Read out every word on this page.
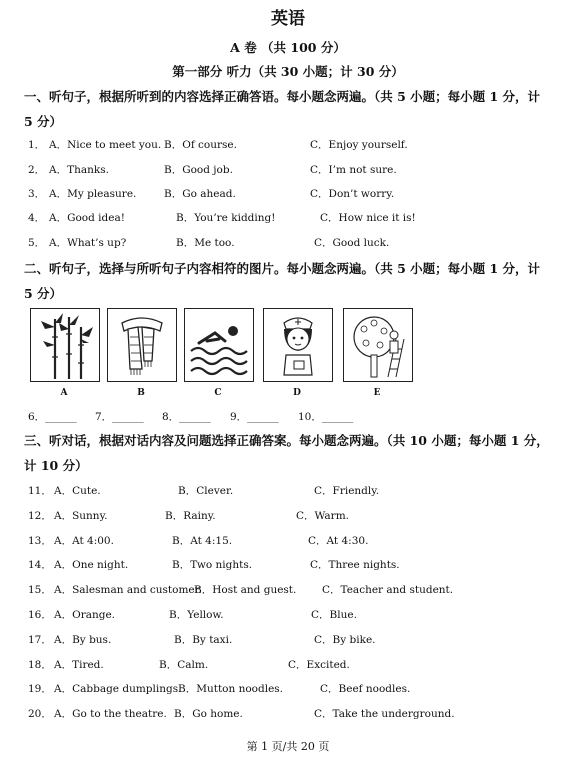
英语
A 卷 （共 100 分）
第一部分 听力（共 30 小题；计 30 分）
一、听句子，根据所听到的内容选择正确答语。每小题念两遍。（共 5 小题；每小题 1 分，计 5 分）
1． A．Nice to meet you. B．Of course.	C．Enjoy yourself.
2． A．Thanks.	B．Good job.	C．I’m not sure.
3． A．My pleasure.	B．Go ahead.	C．Don’t worry.
4． A．Good idea!	B．You’re kidding!	C．How nice it is!
5． A．What’s up?	B．Me too.	C．Good luck.
二、听句子，选择与所听句子内容相符的图片。每小题念两遍。（共 5 小题；每小题 1 分，计 5 分）
A	B	C	D	E
6．______ 7．______ 8．______ 9．______ 10．______
三、听对话，根据对话内容及问题选择正确答案。每小题念两遍。（共 10 小题；每小题 1 分，计 10 分）
11． A．Cute.	B．Clever.	C．Friendly.
12． A．Sunny.	B．Rainy.	C．Warm.
13． A．At 4:00.	B．At 4:15.	C．At 4:30.
14． A．One night.	B．Two nights.	C．Three nights.
15． A．Salesman and customer.
B．Host and guest. C．Teacher and student.
16． A．Orange.	B．Yellow.	C．Blue.
17． A．By bus.	B．By taxi.	C．By bike.
18． A．Tired.	B．Calm.	C．Excited.
19． A．Cabbage dumplings.
B．Mutton noodles.	C．Beef noodles.
20． A．Go to the theatre. B．Go home.	C．Take the underground.
第 1 页/共 20 页
